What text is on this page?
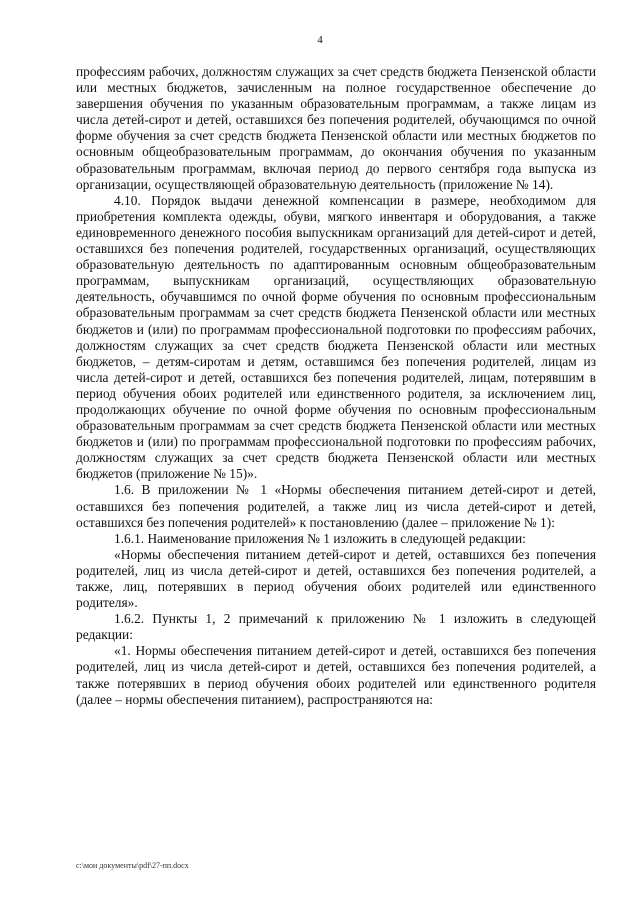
4

профессиям рабочих, должностям служащих за счет средств бюджета Пензенской области или местных бюджетов, зачисленным на полное государственное обеспечение до завершения обучения по указанным образовательным программам, а также лицам из числа детей-сирот и детей, оставшихся без попечения родителей, обучающимся по очной форме обучения за счет средств бюджета Пензенской области или местных бюджетов по основным общеобразовательным программам, до окончания обучения по указанным образовательным программам, включая период до первого сентября года выпуска из организации, осуществляющей образовательную деятельность (приложение № 14).

4.10. Порядок выдачи денежной компенсации в размере, необходимом для приобретения комплекта одежды, обуви, мягкого инвентаря и оборудования, а также единовременного денежного пособия выпускникам организаций для детей-сирот и детей, оставшихся без попечения родителей, государственных организаций, осуществляющих образовательную деятельность по адаптированным основным общеобразовательным программам, выпускникам организаций, осуществляющих образовательную деятельность, обучавшимся по очной форме обучения по основным профессиональным образовательным программам за счет средств бюджета Пензенской области или местных бюджетов и (или) по программам профессиональной подготовки по профессиям рабочих, должностям служащих за счет средств бюджета Пензенской области или местных бюджетов, – детям-сиротам и детям, оставшимся без попечения родителей, лицам из числа детей-сирот и детей, оставшихся без попечения родителей, лицам, потерявшим в период обучения обоих родителей или единственного родителя, за исключением лиц, продолжающих обучение по очной форме обучения по основным профессиональным образовательным программам за счет средств бюджета Пензенской области или местных бюджетов и (или) по программам профессиональной подготовки по профессиям рабочих, должностям служащих за счет средств бюджета Пензенской области или местных бюджетов (приложение № 15)».

1.6. В приложении № 1 «Нормы обеспечения питанием детей-сирот и детей, оставшихся без попечения родителей, а также лиц из числа детей-сирот и детей, оставшихся без попечения родителей» к постановлению (далее – приложение № 1):

1.6.1. Наименование приложения № 1 изложить в следующей редакции:

«Нормы обеспечения питанием детей-сирот и детей, оставшихся без попечения родителей, лиц из числа детей-сирот и детей, оставшихся без попечения родителей, а также, лиц, потерявших в период обучения обоих родителей или единственного родителя».

1.6.2. Пункты 1, 2 примечаний к приложению № 1 изложить в следующей редакции:

«1. Нормы обеспечения питанием детей-сирот и детей, оставшихся без попечения родителей, лиц из числа детей-сирот и детей, оставшихся без попечения родителей, а также потерявших в период обучения обоих родителей или единственного родителя (далее – нормы обеспечения питанием), распространяются на:

c:\мои документы\pdf\27-пп.docx
